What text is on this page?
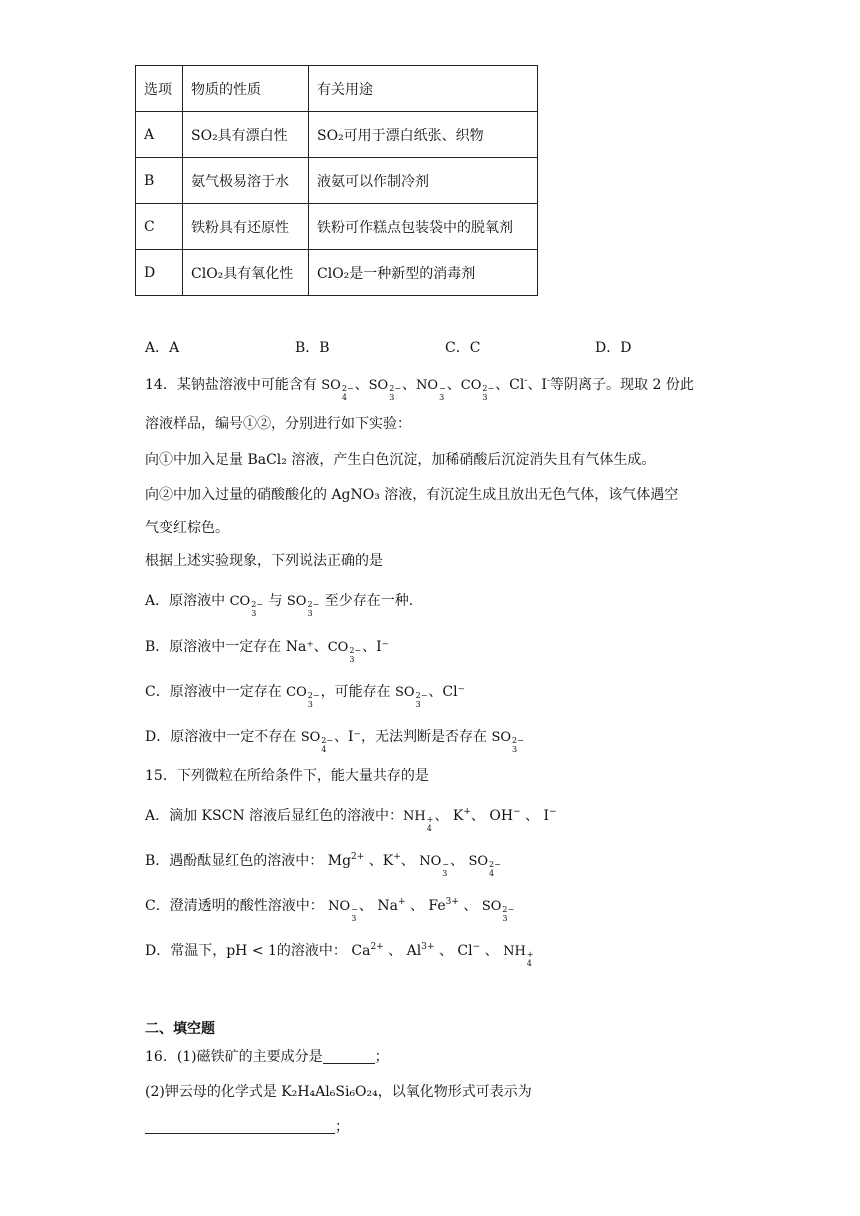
选项	物质的性质	有关用途
A	SO₂具有漂白性	SO₂可用于漂白纸张、织物
B	氨气极易溶于水	液氨可以作制冷剂
C	铁粉具有还原性	铁粉可作糕点包装袋中的脱氧剂
D	ClO₂具有氧化性	ClO₂是一种新型的消毒剂
A．A	B．B	C．C	D．D
14．某钠盐溶液中可能含有 SO 2−
4
、SO 2−
3
、NO −
3
、CO 2−
3
、Cl-、I-等阴离子。现取 2 份此
溶液样品，编号①②，分别进行如下实验：
向①中加入足量 BaCl₂ 溶液，产生白色沉淀，加稀硝酸后沉淀消失且有气体生成。
向②中加入过量的硝酸酸化的 AgNO₃ 溶液，有沉淀生成且放出无色气体，该气体遇空
气变红棕色。
根据上述实验现象，下列说法正确的是
A．原溶液中 CO 2−
3
与 SO 2−
3
至少存在一种.
B．原溶液中一定存在 Na⁺、CO 2−
3
、I⁻
C．原溶液中一定存在 CO 2−
3
，可能存在 SO 2−
3
、Cl⁻
D．原溶液中一定不存在 SO 2−
4
、I⁻，无法判断是否存在 SO 2−
3
15．下列微粒在所给条件下，能大量共存的是
A．滴加 KSCN 溶液后显红色的溶液中：NH +
4
、 K+、 OH− 、 I−
B．遇酚酞显红色的溶液中： $Mg^{2+}$ 、K+、 NO −
3
、 SO 2−
4
C．澄清透明的酸性溶液中： NO −
3
、 Na+ 、 $Fe^{3+}$ 、 SO 2−
3
D．常温下，pH < 1的溶液中： $Ca^{2+}$ 、 $Al^{3+}$ 、 Cl− 、 NH +
4
二、填空题
16．(1)磁铁矿的主要成分是	；
(2)钾云母的化学式是 K₂H₄Al₆Si₆O₂₄，以氧化物形式可表示为
；
